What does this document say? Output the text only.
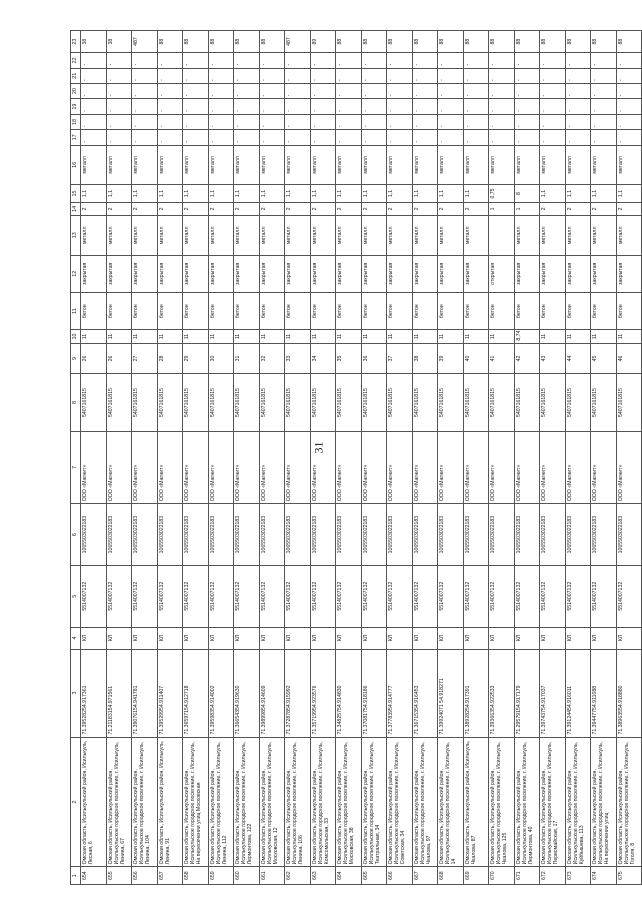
31
1	2	3	4	5	6	7	8	9	10	11	12	13	14	15	16	17	18	19	20	21	22	23
654	Омская область, Исилькульский район, Исилькуль, Лесная, 6	71.39528254.917361	КЛ	5514007132	1065503022183	ООО «Магнит»	5407161815	26	11	бетон	закрытая	металл	2	1,1	металл	-	-	-	-	-	-	38
655	Омская область, Исилькульский район, Исилькульское городское поселение, г. Исилькуль, Ленина, 67	71.21183154.971561	КЛ	5514007132	1065503022183	ООО «Магнит»	5407161815	26	11	бетон	закрытая	металл	2	1,1	металл	-	-	-	-	-	-	38
656	Омская область, Исилькульский район, Исилькульское городское поселение, г. Исилькуль, Ленина, 104	71.39076154.941781	КЛ	5514007132	1065503022183	ООО «Магнит»	5407161815	27	11	бетон	закрытая	металл	2	1,1	металл	-	-	-	-	-	-	487
657	Омская область, Исилькульский район, Исилькуль, Ленина, 91	71.39529954.911407	КЛ	5514007132	1065503022183	ООО «Магнит»	5407161815	28	11	бетон	закрытая	металл	2	1,1	металл	-	-	-	-	-	-	88
658	Омская область, Исилькульский район, Исилькульское городское поселение, г. Исилькуль, На пересечении улиц Московская	71.36597154.912718	КЛ	5514007132	1065503022183	ООО «Магнит»	5407161815	29	11	бетон	закрытая	металл	2	1,1	металл	-	-	-	-	-	-	88
659	Омская область, Исилькульский район, Исилькульское городское поселение, г. Исилькуль, Ленина, 112	71.39598354.914002	КЛ	5514007132	1065503022183	ООО «Магнит»	5407161815	30	11	бетон	закрытая	металл	2	1,1	металл	-	-	-	-	-	-	88
660	Омская область, Исилькульский район, Исилькульское городское поселение, г. Исилькуль, Лермонтова, 122	71.36654354.919630	КЛ	5514007132	1065503022183	ООО «Магнит»	5407161815	31	11	бетон	закрытая	металл	2	1,1	металл	-	-	-	-	-	-	88
661	Омская область, Исилькульский район, Исилькульское городское поселение, г. Исилькуль, Московская, 12	71.39899854.914609	КЛ	5514007132	1065503022183	ООО «Магнит»	5407161815	32	11	бетон	закрытая	металл	2	1,1	металл	-	-	-	-	-	-	88
662	Омская область, Исилькульский район, Исилькульское городское поселение, г. Исилькуль, Ленина, 106	71.37287854.915992	КЛ	5514007132	1065503022183	ООО «Магнит»	5407161815	33	11	бетон	закрытая	металл	2	1,1	металл	-	-	-	-	-	-	487
663	Омская область, Исилькульский район, Исилькульское городское поселение, г. Исилькуль, Комсомольская, 33	71.35719954.923576	КЛ	5514007132	1065503022183	ООО «Магнит»	5407161815	34	11	бетон	закрытая	металл	2	1,1	металл	-	-	-	-	-	-	89
664	Омская область, Исилькульский район, Исилькульское городское поселение, г. Исилькуль, Московская, 38	71.34825754.914830	КЛ	5514007132	1065503022183	ООО «Магнит»	5407161815	35	11	бетон	закрытая	металл	2	1,1	металл	-	-	-	-	-	-	88
665	Омская область, Исилькульский район, Исилькульское городское поселение, г. Исилькуль, Театральная, 34	71.37081754.918186	КЛ	5514007132	1065503022183	ООО «Магнит»	5407161815	36	11	бетон	закрытая	металл	2	1,1	металл	-	-	-	-	-	-	88
666	Омская область, Исилькульский район, Исилькульское городское поселение, г. Исилькуль, Советская, 34	71.37783954.914777	КЛ	5514007132	1065503022183	ООО «Магнит»	5407161815	37	11	бетон	закрытая	металл	2	1,1	металл	-	-	-	-	-	-	88
667	Омская область, Исилькульский район, Исилькульское городское поселение, г. Исилькуль, Чкалова, 97	71.36715354.916453	КЛ	5514007132	1065503022183	ООО «Магнит»	5407161815	38	11	бетон	закрытая	металл	2	1,1	металл	-	-	-	-	-	-	88
668	Омская область, Исилькульский район, Исилькульское городское поселение, г. Исилькуль, 14	71.39924071 54.918271	КЛ	5514007132	1065503022183	ООО «Магнит»	5407161815	39	11	бетон	закрытая	металл	2	1,1	металл	-	-	-	-	-	-	88
669	Омская область, Исилькульский район, Исилькуль, Чкалова, 87	71.38928254.917391	КЛ	5514007132	1065503022183	ООО «Магнит»	5407161815	40	11	бетон	закрытая	металл	2	1,1	металл	-	-	-	-	-	-	88
670	Омская область, Исилькульский район, Исилькульское городское поселение, г. Исилькуль, Чкалова, 125	71.39366354.922533	КЛ	5514007132	1065503022183	ООО «Магнит»	5407161815	41	11	бетон	открытая		1	0,75	металл	-	-	-	-	-	-	88
671	Омская область, Исилькульский район, Исилькульское городское поселение, г. Исилькуль, Лермонтова, 40	71.29579154.917179	КЛ	5514007132	1065503022183	ООО «Магнит»	5407161815	42	8,74	бетон	закрытая	металл	1	8	металл	-	-	-	-	-	-	88
672	Омская область, Исилькульский район, Исилькульское городское поселение, г. Исилькуль, Первомайская, 17	71.39743754.917037	КЛ	5514007132	1065503022183	ООО «Магнит»	5407161815	43	11	бетон	закрытая	металл	2	1,1	металл	-	-	-	-	-	-	88
673	Омская область, Исилькульский район, Исилькульское городское поселение, г. Исилькуль, Куйбышева, 113	71.39124454.916011	КЛ	5514007132	1065503022183	ООО «Магнит»	5407161815	44	11	бетон	закрытая	металл	2	1,1	металл	-	-	-	-	-	-	88
674	Омская область, Исилькульский район, Исилькульское городское поселение, г. Исилькуль, На пересечении улиц	71.39447754.911088	КЛ	5514007132	1065503022183	ООО «Магнит»	5407161815	45	11	бетон	закрытая	металл	2	1,1	металл	-	-	-	-	-	-	88
675	Омская область, Исилькульский район, Исилькульское городское поселение, г. Исилькуль, Гоголя, 8	71.38963554.918880	КЛ	5514007132	1065503022183	ООО «Магнит»	5407161815	46	11	бетон	закрытая	металл	2	1,1	металл	-	-	-	-	-	-	88
